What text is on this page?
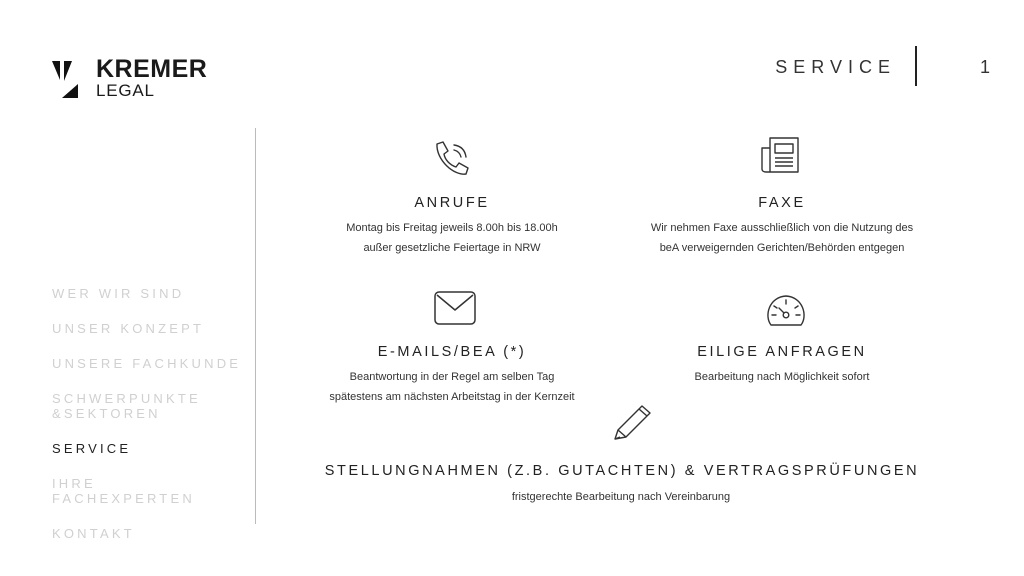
KREMER
LEGAL
SERVICE	1
WER WIR SIND
UNSER KONZEPT
UNSERE FACHKUNDE
SCHWERPUNKTE &SEKTOREN
SERVICE
IHRE FACHEXPERTEN
KONTAKT
ANRUFE
Montag bis Freitag jeweils 8.00h bis 18.00h
außer gesetzliche Feiertage in NRW
FAXE
Wir nehmen Faxe ausschließlich von die Nutzung des
beA verweigernden Gerichten/Behörden entgegen
E-MAILS/BEA (*)
Beantwortung in der Regel am selben Tag
spätestens am nächsten Arbeitstag in der Kernzeit
EILIGE ANFRAGEN
Bearbeitung nach Möglichkeit sofort
STELLUNGNAHMEN (Z.B. GUTACHTEN) & VERTRAGSPRÜFUNGEN
fristgerechte Bearbeitung nach Vereinbarung
